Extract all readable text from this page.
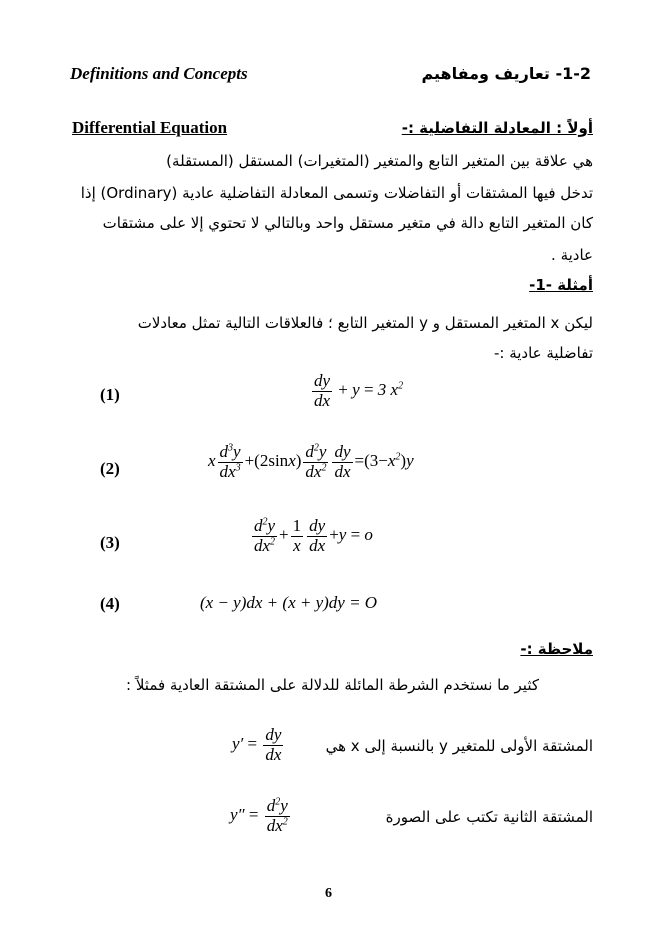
Definitions and Concepts	1-2- تعاريف ومفاهيم
Differential Equation	أولاً : المعادلة التفاضلية :-
هي علاقة بين المتغير التابع والمتغير (المتغيرات) المستقل (المستقلة)
تدخل فيها المشتقات أو التفاضلات وتسمى المعادلة التفاضلية عادية (Ordinary) إذا
كان المتغير التابع دالة في متغير مستقل واحد وبالتالي لا تحتوي إلا على مشتقات
عادية .
أمثلة -1-
ليكن x المتغير المستقل و y المتغير التابع ؛ فالعلاقات التالية تمثل معادلات
تفاضلية عادية :-
(1)	$\frac{dy}{dx} + y = 3$ $x^2$
(2)	x $\frac{d^3y}{dx^3} +(2\sin x) \frac{d^2y}{dx^2} \frac{dy}{dx} =(3-x^2)y$
(3)	$\frac{d^2y}{dx^2} + \frac{1}{x} \frac{dy}{dx} +y = o$
(4)	(x − y)dx + (x + y)dy = O
ملاحظة :-
كثير ما نستخدم الشرطة المائلة للدلالة على المشتقة العادية فمثلاً :
$y' = \frac{dy}{dx}$	المشتقة الأولى للمتغير y بالنسبة إلى x هي
$y'' = \frac{d^2y}{dx^2}$	المشتقة الثانية تكتب على الصورة
6
